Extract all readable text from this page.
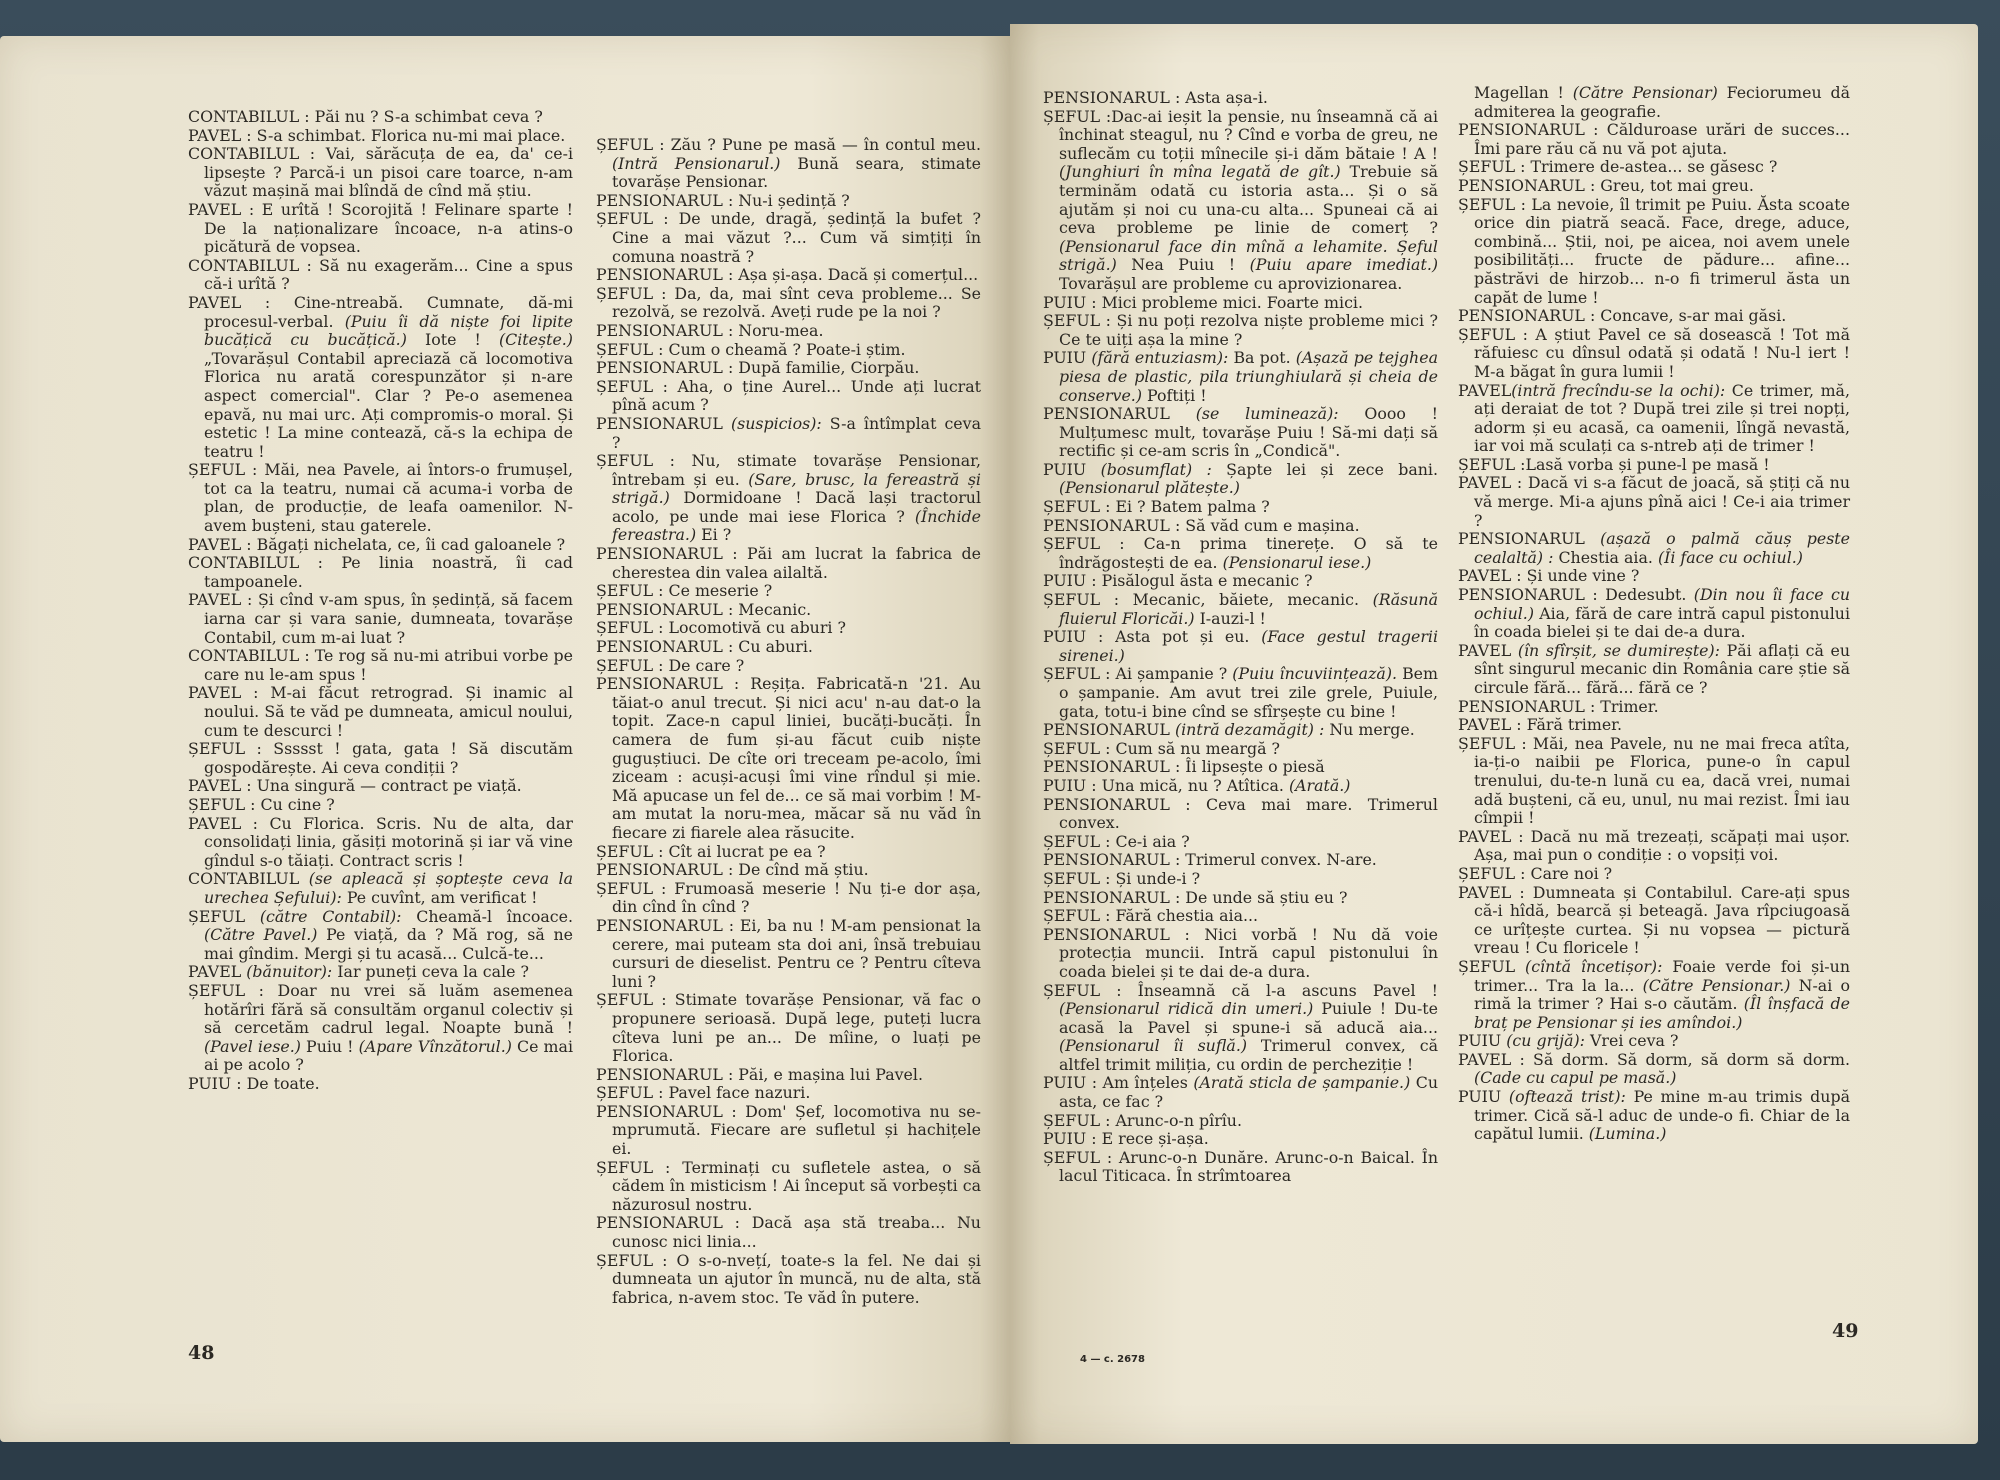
CONTABILUL : Păi nu ? S-a schimbat ceva ?

PAVEL : S-a schimbat. Florica nu-mi mai place.

CONTABILUL : Vai, sărăcuța de ea, da' ce-i lipsește ? Parcă-i un pisoi care toarce, n-am văzut mașină mai blîndă de cînd mă știu.

PAVEL : E urîtă ! Scorojită ! Felinare sparte ! De la naționalizare încoace, n-a atins-o picătură de vopsea.

CONTABILUL : Să nu exagerăm... Cine a spus că-i urîtă ?

PAVEL : Cine-ntreabă. Cumnate, dă-mi procesul-verbal. (Puiu îi dă niște foi lipite bucățică cu bucățică.) Iote ! (Citește.) „Tovarășul Contabil apreciază că locomotiva Florica nu arată corespunzător și n-are aspect comercial". Clar ? Pe-o asemenea epavă, nu mai urc. Ați compromis-o moral. Și estetic ! La mine contează, că-s la echipa de teatru !

ȘEFUL : Măi, nea Pavele, ai întors-o frumușel, tot ca la teatru, numai că acuma-i vorba de plan, de producție, de leafa oamenilor. N-avem bușteni, stau gaterele.

PAVEL : Băgați nichelata, ce, îi cad galoanele ?

CONTABILUL : Pe linia noastră, îi cad tampoanele.

PAVEL : Și cînd v-am spus, în ședință, să facem iarna car și vara sanie, dumneata, tovarășe Contabil, cum m-ai luat ?

CONTABILUL : Te rog să nu-mi atribui vorbe pe care nu le-am spus !

PAVEL : M-ai făcut retrograd. Și inamic al noului. Să te văd pe dumneata, amicul noului, cum te descurci !

ȘEFUL : Ssssst ! gata, gata ! Să discutăm gospodărește. Ai ceva condiții ?

PAVEL : Una singură — contract pe viață.

ȘEFUL : Cu cine ?

PAVEL : Cu Florica. Scris. Nu de alta, dar consolidați linia, găsiți motorină și iar vă vine gîndul s-o tăiați. Contract scris !

CONTABILUL (se apleacă și șoptește ceva la urechea Șefului): Pe cuvînt, am verificat !

ȘEFUL (către Contabil): Cheamă-l încoace. (Către Pavel.) Pe viață, da ? Mă rog, să ne mai gîndim. Mergi și tu acasă... Culcă-te...

PAVEL (bănuitor): Iar puneți ceva la cale ?

ȘEFUL : Doar nu vrei să luăm asemenea hotărîri fără să consultăm organul colectiv și să cercetăm cadrul legal. Noapte bună ! (Pavel iese.) Puiu ! (Apare Vînzătorul.) Ce mai ai pe acolo ?

PUIU : De toate.

ȘEFUL : Zău ? Pune pe masă — în contul meu. (Intră Pensionarul.) Bună seara, stimate tovarășe Pensionar.

PENSIONARUL : Nu-i ședință ?

ȘEFUL : De unde, dragă, ședință la bufet ? Cine a mai văzut ?... Cum vă simțiți în comuna noastră ?

PENSIONARUL : Așa și-așa. Dacă și comerțul...

ȘEFUL : Da, da, mai sînt ceva probleme... Se rezolvă, se rezolvă. Aveți rude pe la noi ?

PENSIONARUL : Noru-mea.

ȘEFUL : Cum o cheamă ? Poate-i știm.

PENSIONARUL : După familie, Ciorpău.

ȘEFUL : Aha, o ține Aurel... Unde ați lucrat pînă acum ?

PENSIONARUL (suspicios): S-a întîmplat ceva ?

ȘEFUL : Nu, stimate tovarășe Pensionar, întrebam și eu. (Sare, brusc, la fereastră și strigă.) Dormidoane ! Dacă lași tractorul acolo, pe unde mai iese Florica ? (Închide fereastra.) Ei ?

PENSIONARUL : Păi am lucrat la fabrica de cherestea din valea ailaltă.

ȘEFUL : Ce meserie ?

PENSIONARUL : Mecanic.

ȘEFUL : Locomotivă cu aburi ?

PENSIONARUL : Cu aburi.

ȘEFUL : De care ?

PENSIONARUL : Reșița. Fabricată-n '21. Au tăiat-o anul trecut. Și nici acu' n-au dat-o la topit. Zace-n capul liniei, bucăți-bucăți. În camera de fum și-au făcut cuib niște guguștiuci. De cîte ori treceam pe-acolo, îmi ziceam : acuși-acuși îmi vine rîndul și mie. Mă apucase un fel de... ce să mai vorbim ! M-am mutat la noru-mea, măcar să nu văd în fiecare zi fiarele alea răsucite.

ȘEFUL : Cît ai lucrat pe ea ?

PENSIONARUL : De cînd mă știu.

ȘEFUL : Frumoasă meserie ! Nu ți-e dor așa, din cînd în cînd ?

PENSIONARUL : Ei, ba nu ! M-am pensionat la cerere, mai puteam sta doi ani, însă trebuiau cursuri de dieselist. Pentru ce ? Pentru cîteva luni ?

ȘEFUL : Stimate tovarășe Pensionar, vă fac o propunere serioasă. După lege, puteți lucra cîteva luni pe an... De mîine, o luați pe Florica.

PENSIONARUL : Păi, e mașina lui Pavel.

ȘEFUL : Pavel face nazuri.

PENSIONARUL : Dom' Șef, locomotiva nu se-mprumută. Fiecare are sufletul și hachițele ei.

ȘEFUL : Terminați cu sufletele astea, o să cădem în misticism ! Ai început să vorbești ca năzurosul nostru.

PENSIONARUL : Dacă așa stă treaba... Nu cunosc nici linia...

ȘEFUL : O s-o-nvețí, toate-s la fel. Ne dai și dumneata un ajutor în muncă, nu de alta, stă fabrica, n-avem stoc. Te văd în putere.

48

PENSIONARUL : Asta așa-i.

ȘEFUL :Dac-ai ieșit la pensie, nu înseamnă că ai închinat steagul, nu ? Cînd e vorba de greu, ne suflecăm cu toții mînecile și-i dăm bătaie ! A ! (Junghiuri în mîna legată de gît.) Trebuie să terminăm odată cu istoria asta... Și o să ajutăm și noi cu una-cu alta... Spuneai că ai ceva probleme pe linie de comerț ? (Pensionarul face din mînă a lehamite. Șeful strigă.) Nea Puiu ! (Puiu apare imediat.) Tovarășul are probleme cu aprovizionarea.

PUIU : Mici probleme mici. Foarte mici.

ȘEFUL : Și nu poți rezolva niște probleme mici ? Ce te uiți așa la mine ?

PUIU (fără entuziasm): Ba pot. (Așază pe tejghea piesa de plastic, pila triunghiulară și cheia de conserve.) Poftiți !

PENSIONARUL (se luminează): Oooo ! Mulțumesc mult, tovarășe Puiu ! Să-mi dați să rectific și ce-am scris în „Condică".

PUIU (bosumflat) : Șapte lei și zece bani. (Pensionarul plătește.)

ȘEFUL : Ei ? Batem palma ?

PENSIONARUL : Să văd cum e mașina.

ȘEFUL : Ca-n prima tinerețe. O să te îndrăgostești de ea. (Pensionarul iese.)

PUIU : Pisălogul ăsta e mecanic ?

ȘEFUL : Mecanic, băiete, mecanic. (Răsună fluierul Floricăi.) I-auzi-l !

PUIU : Asta pot și eu. (Face gestul tragerii sirenei.)

ȘEFUL : Ai șampanie ? (Puiu încuviințează). Bem o șampanie. Am avut trei zile grele, Puiule, gata, totu-i bine cînd se sfîrșește cu bine !

PENSIONARUL (intră dezamăgit) : Nu merge.

ȘEFUL : Cum să nu meargă ?

PENSIONARUL : Îi lipsește o piesă

PUIU : Una mică, nu ? Atîtica. (Arată.)

PENSIONARUL : Ceva mai mare. Trimerul convex.

ȘEFUL : Ce-i aia ?

PENSIONARUL : Trimerul convex. N-are.

ȘEFUL : Și unde-i ?

PENSIONARUL : De unde să știu eu ?

ȘEFUL : Fără chestia aia...

PENSIONARUL : Nici vorbă ! Nu dă voie protecția muncii. Intră capul pistonului în coada bielei și te dai de-a dura.

ȘEFUL : Înseamnă că l-a ascuns Pavel ! (Pensionarul ridică din umeri.) Puiule ! Du-te acasă la Pavel și spune-i să aducă aia... (Pensionarul îi suflă.) Trimerul convex, că altfel trimit miliția, cu ordin de percheziție !

PUIU : Am înțeles (Arată sticla de șampanie.) Cu asta, ce fac ?

ȘEFUL : Arunc-o-n pîrîu.

PUIU : E rece și-așa.

ȘEFUL : Arunc-o-n Dunăre. Arunc-o-n Baical. În lacul Titicaca. În strîmtoarea

Magellan ! (Către Pensionar) Feciorumeu dă admiterea la geografie.

PENSIONARUL : Călduroase urări de succes... Îmi pare rău că nu vă pot ajuta.

ȘEFUL : Trimere de-astea... se găsesc ?

PENSIONARUL : Greu, tot mai greu.

ȘEFUL : La nevoie, îl trimit pe Puiu. Ăsta scoate orice din piatră seacă. Face, drege, aduce, combină... Știi, noi, pe aicea, noi avem unele posibilități... fructe de pădure... afine... păstrăvi de hirzob... n-o fi trimerul ăsta un capăt de lume !

PENSIONARUL : Concave, s-ar mai găsi.

ȘEFUL : A știut Pavel ce să dosească ! Tot mă răfuiesc cu dînsul odată și odată ! Nu-l iert ! M-a băgat în gura lumii !

PAVEL(intră frecîndu-se la ochi): Ce trimer, mă, ați deraiat de tot ? După trei zile și trei nopți, adorm și eu acasă, ca oamenii, lîngă nevastă, iar voi mă sculați ca s-ntreb ați de trimer !

ȘEFUL :Lasă vorba și pune-l pe masă !

PAVEL : Dacă vi s-a făcut de joacă, să știți că nu vă merge. Mi-a ajuns pînă aici ! Ce-i aia trimer ?

PENSIONARUL (așază o palmă căuș peste cealaltă) : Chestia aia. (Îi face cu ochiul.)

PAVEL : Și unde vine ?

PENSIONARUL : Dedesubt. (Din nou îi face cu ochiul.) Aia, fără de care intră capul pistonului în coada bielei și te dai de-a dura.

PAVEL (în sfîrșit, se dumirește): Păi aflați că eu sînt singurul mecanic din România care știe să circule fără... fără... fără ce ?

PENSIONARUL : Trimer.

PAVEL : Fără trimer.

ȘEFUL : Măi, nea Pavele, nu ne mai freca atîta, ia-ți-o naibii pe Florica, pune-o în capul trenului, du-te-n lună cu ea, dacă vrei, numai adă bușteni, că eu, unul, nu mai rezist. Îmi iau cîmpii !

PAVEL : Dacă nu mă trezeați, scăpați mai ușor. Așa, mai pun o condiție : o vopsiți voi.

ȘEFUL : Care noi ?

PAVEL : Dumneata și Contabilul. Care-ați spus că-i hîdă, bearcă și beteagă. Java rîpciugoasă ce urîțește curtea. Și nu vopsea — pictură vreau ! Cu floricele !

ȘEFUL (cîntă încetișor): Foaie verde foi și-un trimer... Tra la la... (Către Pensionar.) N-ai o rimă la trimer ? Hai s-o căutăm. (Îl înșfacă de braț pe Pensionar și ies amîndoi.)

PUIU (cu grijă): Vrei ceva ?

PAVEL : Să dorm. Să dorm, să dorm să dorm. (Cade cu capul pe masă.)

PUIU (oftează trist): Pe mine m-au trimis după trimer. Cică să-l aduc de unde-o fi. Chiar de la capătul lumii. (Lumina.)

4 — c. 2678
49
